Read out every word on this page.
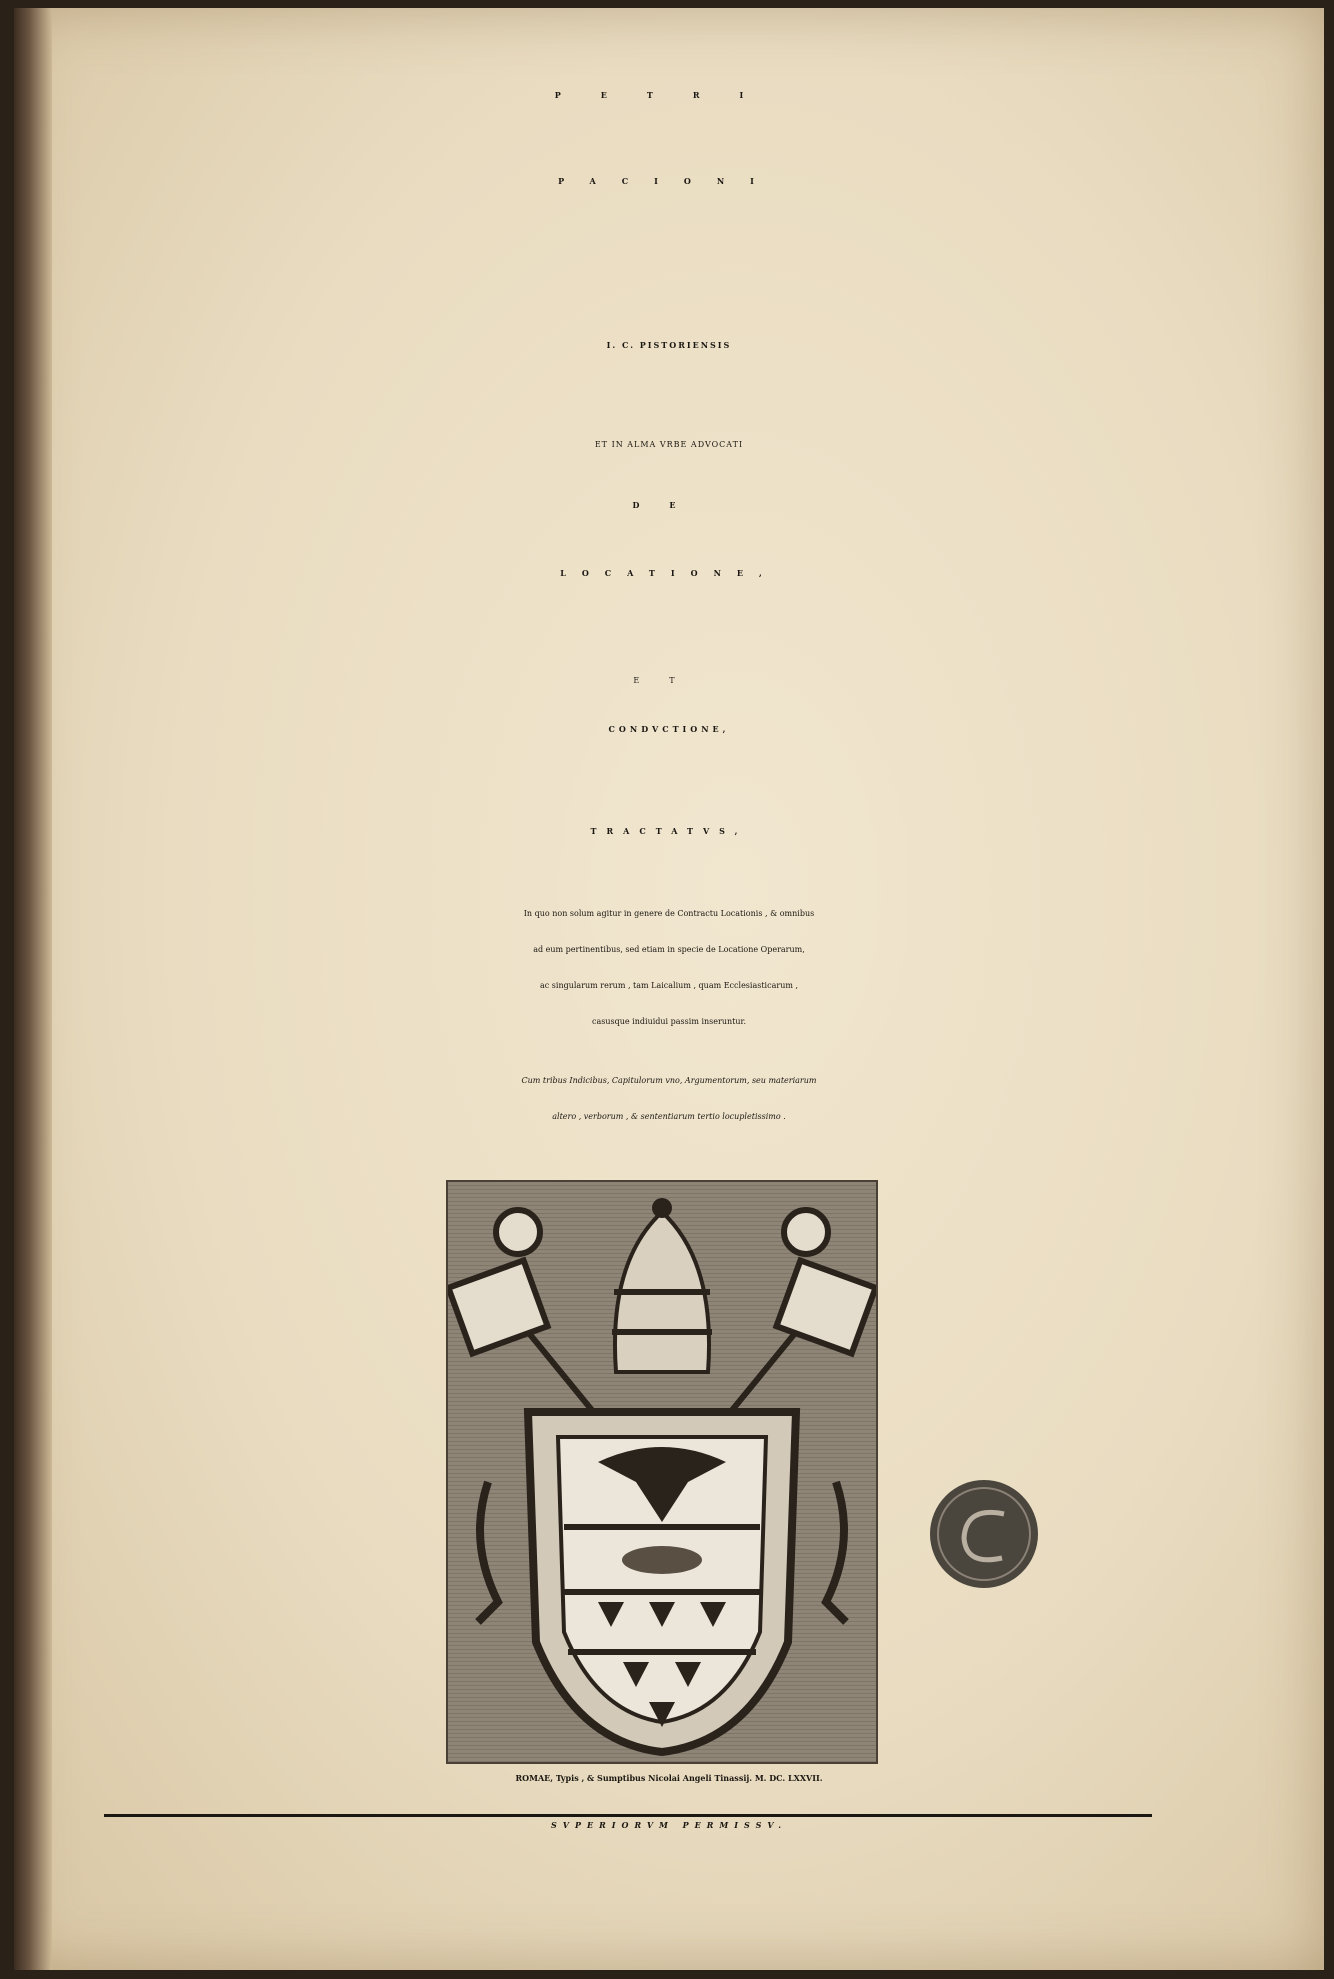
PETRI
PACIONI
I. C. PISTORIENSIS
ET IN ALMA VRBE ADVOCATI
DE
LOCATIONE,
ET
CONDVCTIONE,
TRACTATVS,
In quo non solum agitur in genere de Contractu Locationis , & omnibus
ad eum pertinentibus, sed etiam in specie de Locatione Operarum,
ac singularum rerum , tam Laicalium , quam Ecclesiasticarum ,
casusque indiuidui passim inseruntur.
Cum tribus Indicibus, Capitulorum vno, Argumentorum, seu materiarum
altero , verborum , & sententiarum tertio locupletissimo .
ROMAE, Typis , & Sumptibus Nicolai Angeli Tinassij. M. DC. LXXVII.
SVPERIORVM PERMISSV.
